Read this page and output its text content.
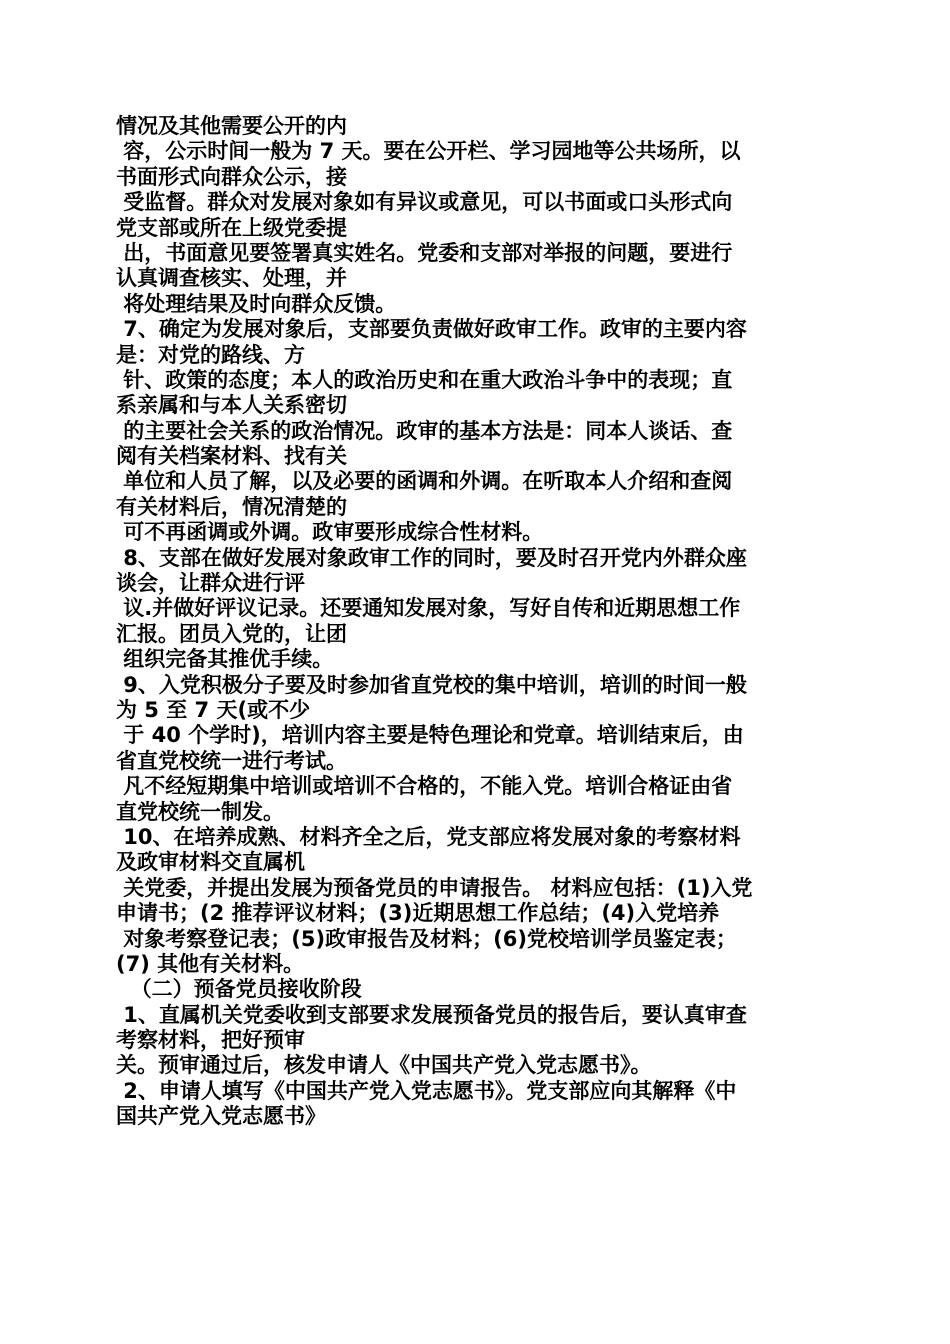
情况及其他需要公开的内
容，公示时间一般为 7 天。要在公开栏、学习园地等公共场所，以
书面形式向群众公示，接
受监督。群众对发展对象如有异议或意见，可以书面或口头形式向
党支部或所在上级党委提
出，书面意见要签署真实姓名。党委和支部对举报的问题，要进行
认真调查核实、处理，并
将处理结果及时向群众反馈。
7、确定为发展对象后，支部要负责做好政审工作。政审的主要内容
是：对党的路线、方
针、政策的态度；本人的政治历史和在重大政治斗争中的表现；直
系亲属和与本人关系密切
的主要社会关系的政治情况。政审的基本方法是：同本人谈话、查
阅有关档案材料、找有关
单位和人员了解，以及必要的函调和外调。在听取本人介绍和查阅
有关材料后，情况清楚的
可不再函调或外调。政审要形成综合性材料。
8、支部在做好发展对象政审工作的同时，要及时召开党内外群众座
谈会，让群众进行评
议.并做好评议记录。还要通知发展对象，写好自传和近期思想工作
汇报。团员入党的，让团
组织完备其推优手续。
9、入党积极分子要及时参加省直党校的集中培训，培训的时间一般
为 5 至 7 天(或不少
于 40 个学时)，培训内容主要是特色理论和党章。培训结束后，由
省直党校统一进行考试。
凡不经短期集中培训或培训不合格的，不能入党。培训合格证由省
直党校统一制发。
10、在培养成熟、材料齐全之后，党支部应将发展对象的考察材料
及政审材料交直属机
关党委，并提出发展为预备党员的申请报告。 材料应包括：(1)入党
申请书；(2 推荐评议材料；(3)近期思想工作总结；(4)入党培养
对象考察登记表；(5)政审报告及材料；(6)党校培训学员鉴定表；
(7) 其他有关材料。
（二）预备党员接收阶段
1、直属机关党委收到支部要求发展预备党员的报告后，要认真审查
考察材料，把好预审
关。预审通过后，核发申请人《中国共产党入党志愿书》。
2、申请人填写《中国共产党入党志愿书》。党支部应向其解释《中
国共产党入党志愿书》
